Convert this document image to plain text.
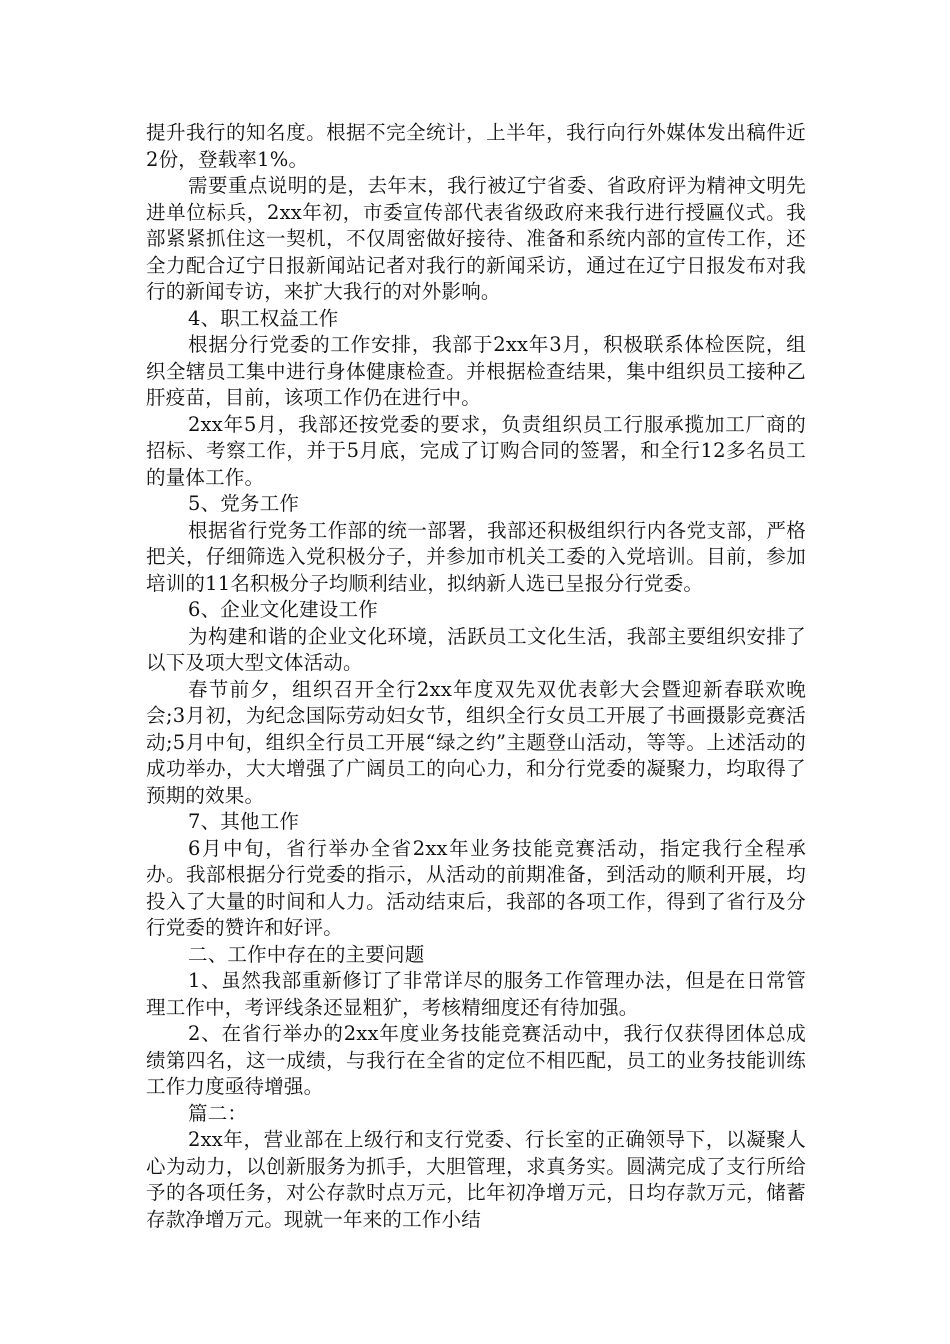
提升我行的知名度。根据不完全统计，上半年，我行向行外媒体发出稿件近2份，登载率1%。

需要重点说明的是，去年末，我行被辽宁省委、省政府评为精神文明先进单位标兵，2xx年初，市委宣传部代表省级政府来我行进行授匾仪式。我部紧紧抓住这一契机，不仅周密做好接待、准备和系统内部的宣传工作，还全力配合辽宁日报新闻站记者对我行的新闻采访，通过在辽宁日报发布对我行的新闻专访，来扩大我行的对外影响。

4、职工权益工作

根据分行党委的工作安排，我部于2xx年3月，积极联系体检医院，组织全辖员工集中进行身体健康检查。并根据检查结果，集中组织员工接种乙肝疫苗，目前，该项工作仍在进行中。

2xx年5月，我部还按党委的要求，负责组织员工行服承揽加工厂商的招标、考察工作，并于5月底，完成了订购合同的签署，和全行12多名员工的量体工作。

5、党务工作

根据省行党务工作部的统一部署，我部还积极组织行内各党支部，严格把关，仔细筛选入党积极分子，并参加市机关工委的入党培训。目前，参加培训的11名积极分子均顺利结业，拟纳新人选已呈报分行党委。

6、企业文化建设工作

为构建和谐的企业文化环境，活跃员工文化生活，我部主要组织安排了以下及项大型文体活动。

春节前夕，组织召开全行2xx年度双先双优表彰大会暨迎新春联欢晚会;3月初，为纪念国际劳动妇女节，组织全行女员工开展了书画摄影竞赛活动;5月中旬，组织全行员工开展“绿之约”主题登山活动，等等。上述活动的成功举办，大大增强了广阔员工的向心力，和分行党委的凝聚力，均取得了预期的效果。

7、其他工作

6月中旬，省行举办全省2xx年业务技能竞赛活动，指定我行全程承办。我部根据分行党委的指示，从活动的前期准备，到活动的顺利开展，均投入了大量的时间和人力。活动结束后，我部的各项工作，得到了省行及分行党委的赞许和好评。

二、工作中存在的主要问题

1、虽然我部重新修订了非常详尽的服务工作管理办法，但是在日常管理工作中，考评线条还显粗犷，考核精细度还有待加强。

2、在省行举办的2xx年度业务技能竞赛活动中，我行仅获得团体总成绩第四名，这一成绩，与我行在全省的定位不相匹配，员工的业务技能训练工作力度亟待增强。

篇二：

2xx年，营业部在上级行和支行党委、行长室的正确领导下，以凝聚人心为动力，以创新服务为抓手，大胆管理，求真务实。圆满完成了支行所给予的各项任务，对公存款时点万元，比年初净增万元，日均存款万元，储蓄存款净增万元。现就一年来的工作小结
